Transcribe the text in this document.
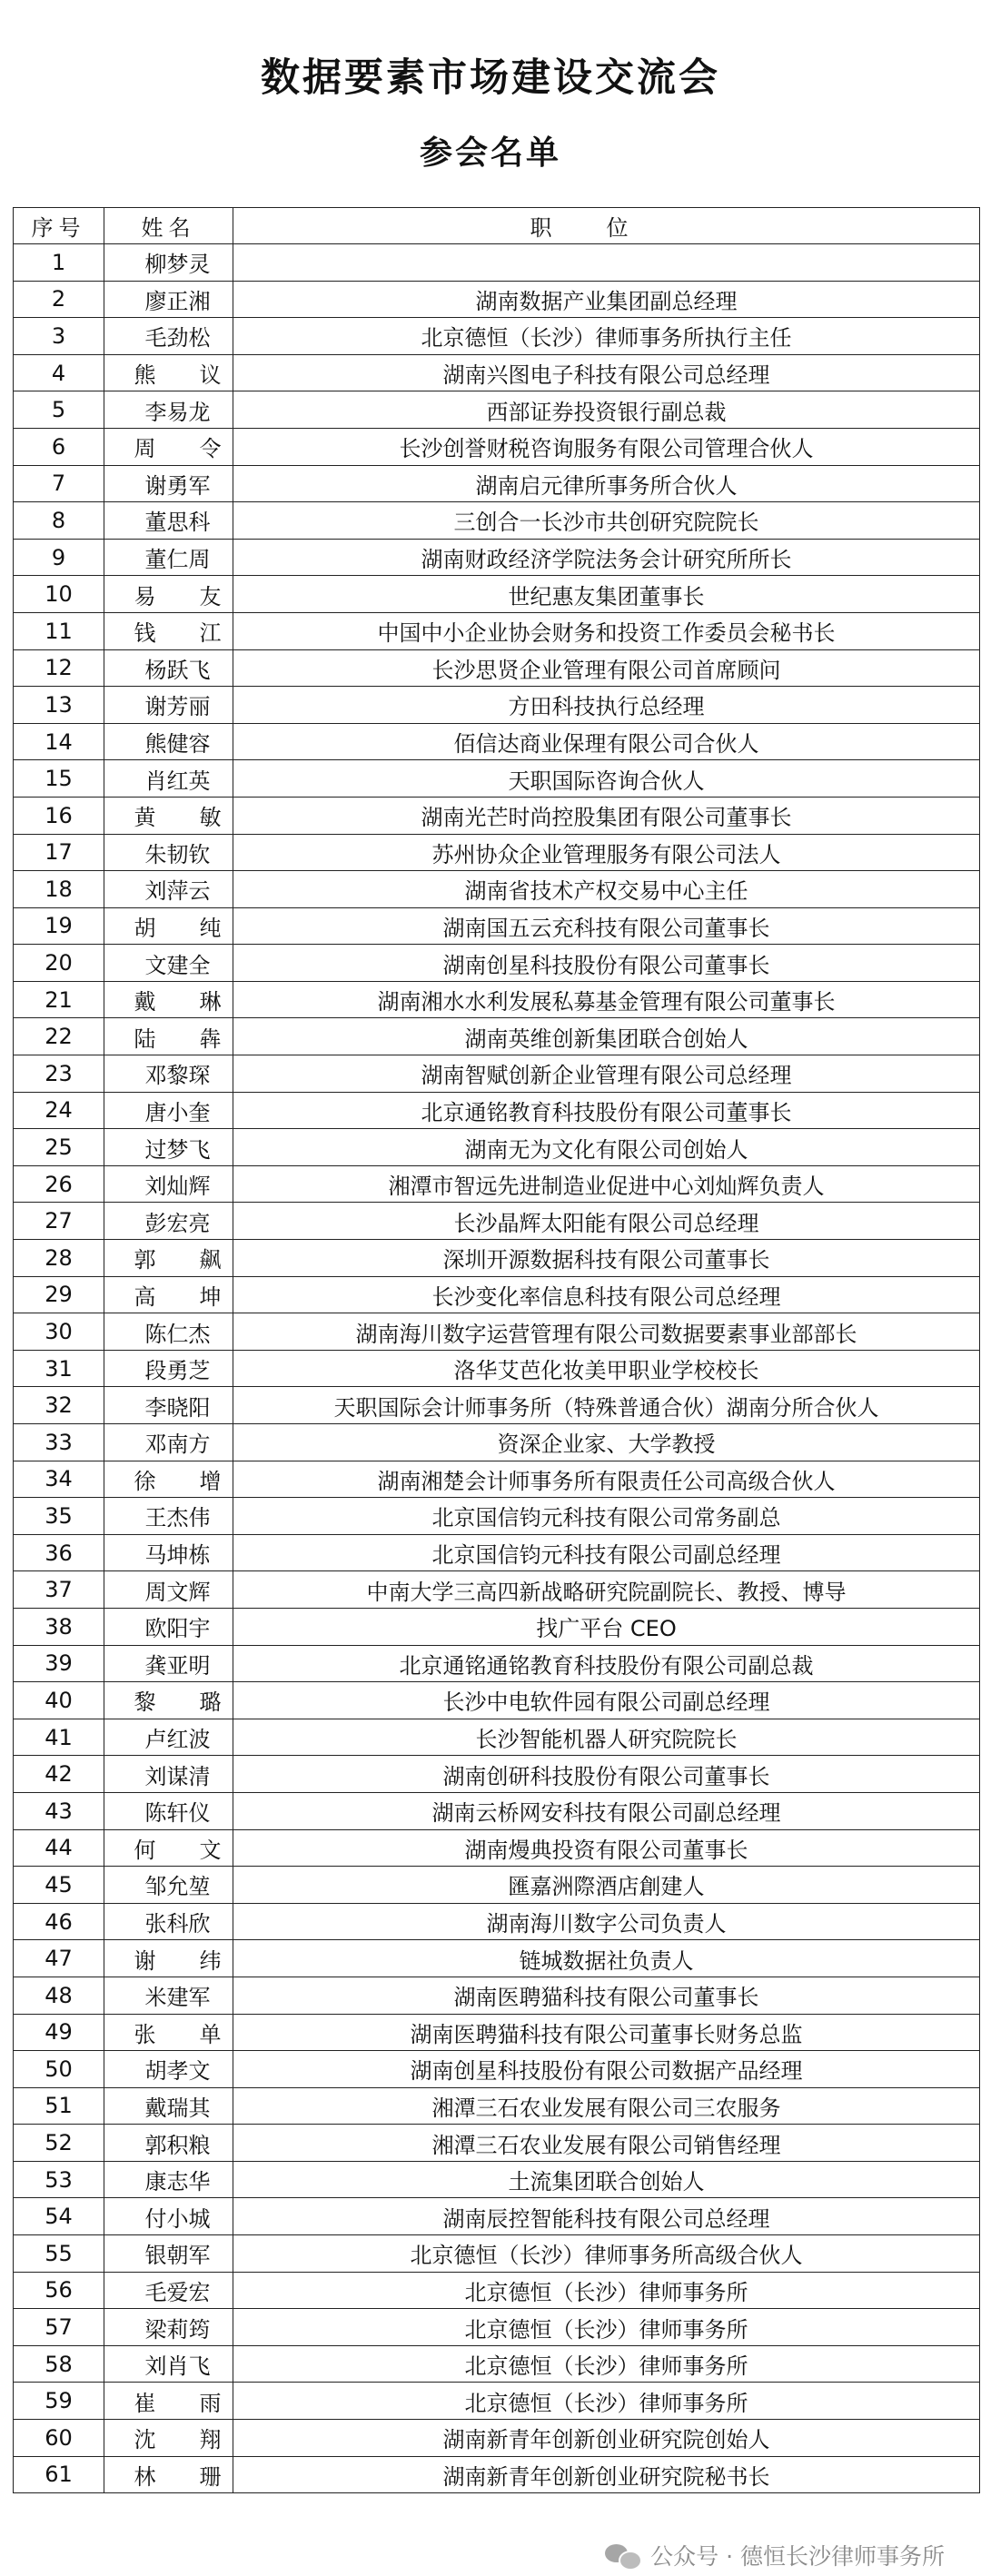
数据要素市场建设交流会
参会名单
序号	姓名	职位
1	柳梦灵	
2	廖正湘	湖南数据产业集团副总经理
3	毛劲松	北京德恒（长沙）律师事务所执行主任
4	熊　　议	湖南兴图电子科技有限公司总经理
5	李易龙	西部证券投资银行副总裁
6	周　　令	长沙创誉财税咨询服务有限公司管理合伙人
7	谢勇军	湖南启元律所事务所合伙人
8	董思科	三创合一长沙市共创研究院院长
9	董仁周	湖南财政经济学院法务会计研究所所长
10	易　　友	世纪惠友集团董事长
11	钱　　江	中国中小企业协会财务和投资工作委员会秘书长
12	杨跃飞	长沙思贤企业管理有限公司首席顾问
13	谢芳丽	方田科技执行总经理
14	熊健容	佰信达商业保理有限公司合伙人
15	肖红英	天职国际咨询合伙人
16	黄　　敏	湖南光芒时尚控股集团有限公司董事长
17	朱韧钦	苏州协众企业管理服务有限公司法人
18	刘萍云	湖南省技术产权交易中心主任
19	胡　　纯	湖南国五云充科技有限公司董事长
20	文建全	湖南创星科技股份有限公司董事长
21	戴　　琳	湖南湘水水利发展私募基金管理有限公司董事长
22	陆　　犇	湖南英维创新集团联合创始人
23	邓黎琛	湖南智赋创新企业管理有限公司总经理
24	唐小奎	北京通铭教育科技股份有限公司董事长
25	过梦飞	湖南无为文化有限公司创始人
26	刘灿辉	湘潭市智远先进制造业促进中心刘灿辉负责人
27	彭宏亮	长沙晶辉太阳能有限公司总经理
28	郭　　飙	深圳开源数据科技有限公司董事长
29	高　　坤	长沙变化率信息科技有限公司总经理
30	陈仁杰	湖南海川数字运营管理有限公司数据要素事业部部长
31	段勇芝	洛华艾芭化妆美甲职业学校校长
32	李晓阳	天职国际会计师事务所（特殊普通合伙）湖南分所合伙人
33	邓南方	资深企业家、大学教授
34	徐　　增	湖南湘楚会计师事务所有限责任公司高级合伙人
35	王杰伟	北京国信钧元科技有限公司常务副总
36	马坤栋	北京国信钧元科技有限公司副总经理
37	周文辉	中南大学三高四新战略研究院副院长、教授、博导
38	欧阳宇	找广平台 CEO
39	龚亚明	北京通铭通铭教育科技股份有限公司副总裁
40	黎　　璐	长沙中电软件园有限公司副总经理
41	卢红波	长沙智能机器人研究院院长
42	刘谋清	湖南创研科技股份有限公司董事长
43	陈轩仪	湖南云桥网安科技有限公司副总经理
44	何　　文	湖南熳典投资有限公司董事长
45	邹允堃	匯嘉洲際酒店創建人
46	张科欣	湖南海川数字公司负责人
47	谢　　纬	链城数据社负责人
48	米建军	湖南医聘猫科技有限公司董事长
49	张　　单	湖南医聘猫科技有限公司董事长财务总监
50	胡孝文	湖南创星科技股份有限公司数据产品经理
51	戴瑞其	湘潭三石农业发展有限公司三农服务
52	郭积粮	湘潭三石农业发展有限公司销售经理
53	康志华	土流集团联合创始人
54	付小城	湖南辰控智能科技有限公司总经理
55	银朝军	北京德恒（长沙）律师事务所高级合伙人
56	毛爱宏	北京德恒（长沙）律师事务所
57	梁莉筠	北京德恒（长沙）律师事务所
58	刘肖飞	北京德恒（长沙）律师事务所
59	崔　　雨	北京德恒（长沙）律师事务所
60	沈　　翔	湖南新青年创新创业研究院创始人
61	林　　珊	湖南新青年创新创业研究院秘书长
公众号 · 德恒长沙律师事务所
